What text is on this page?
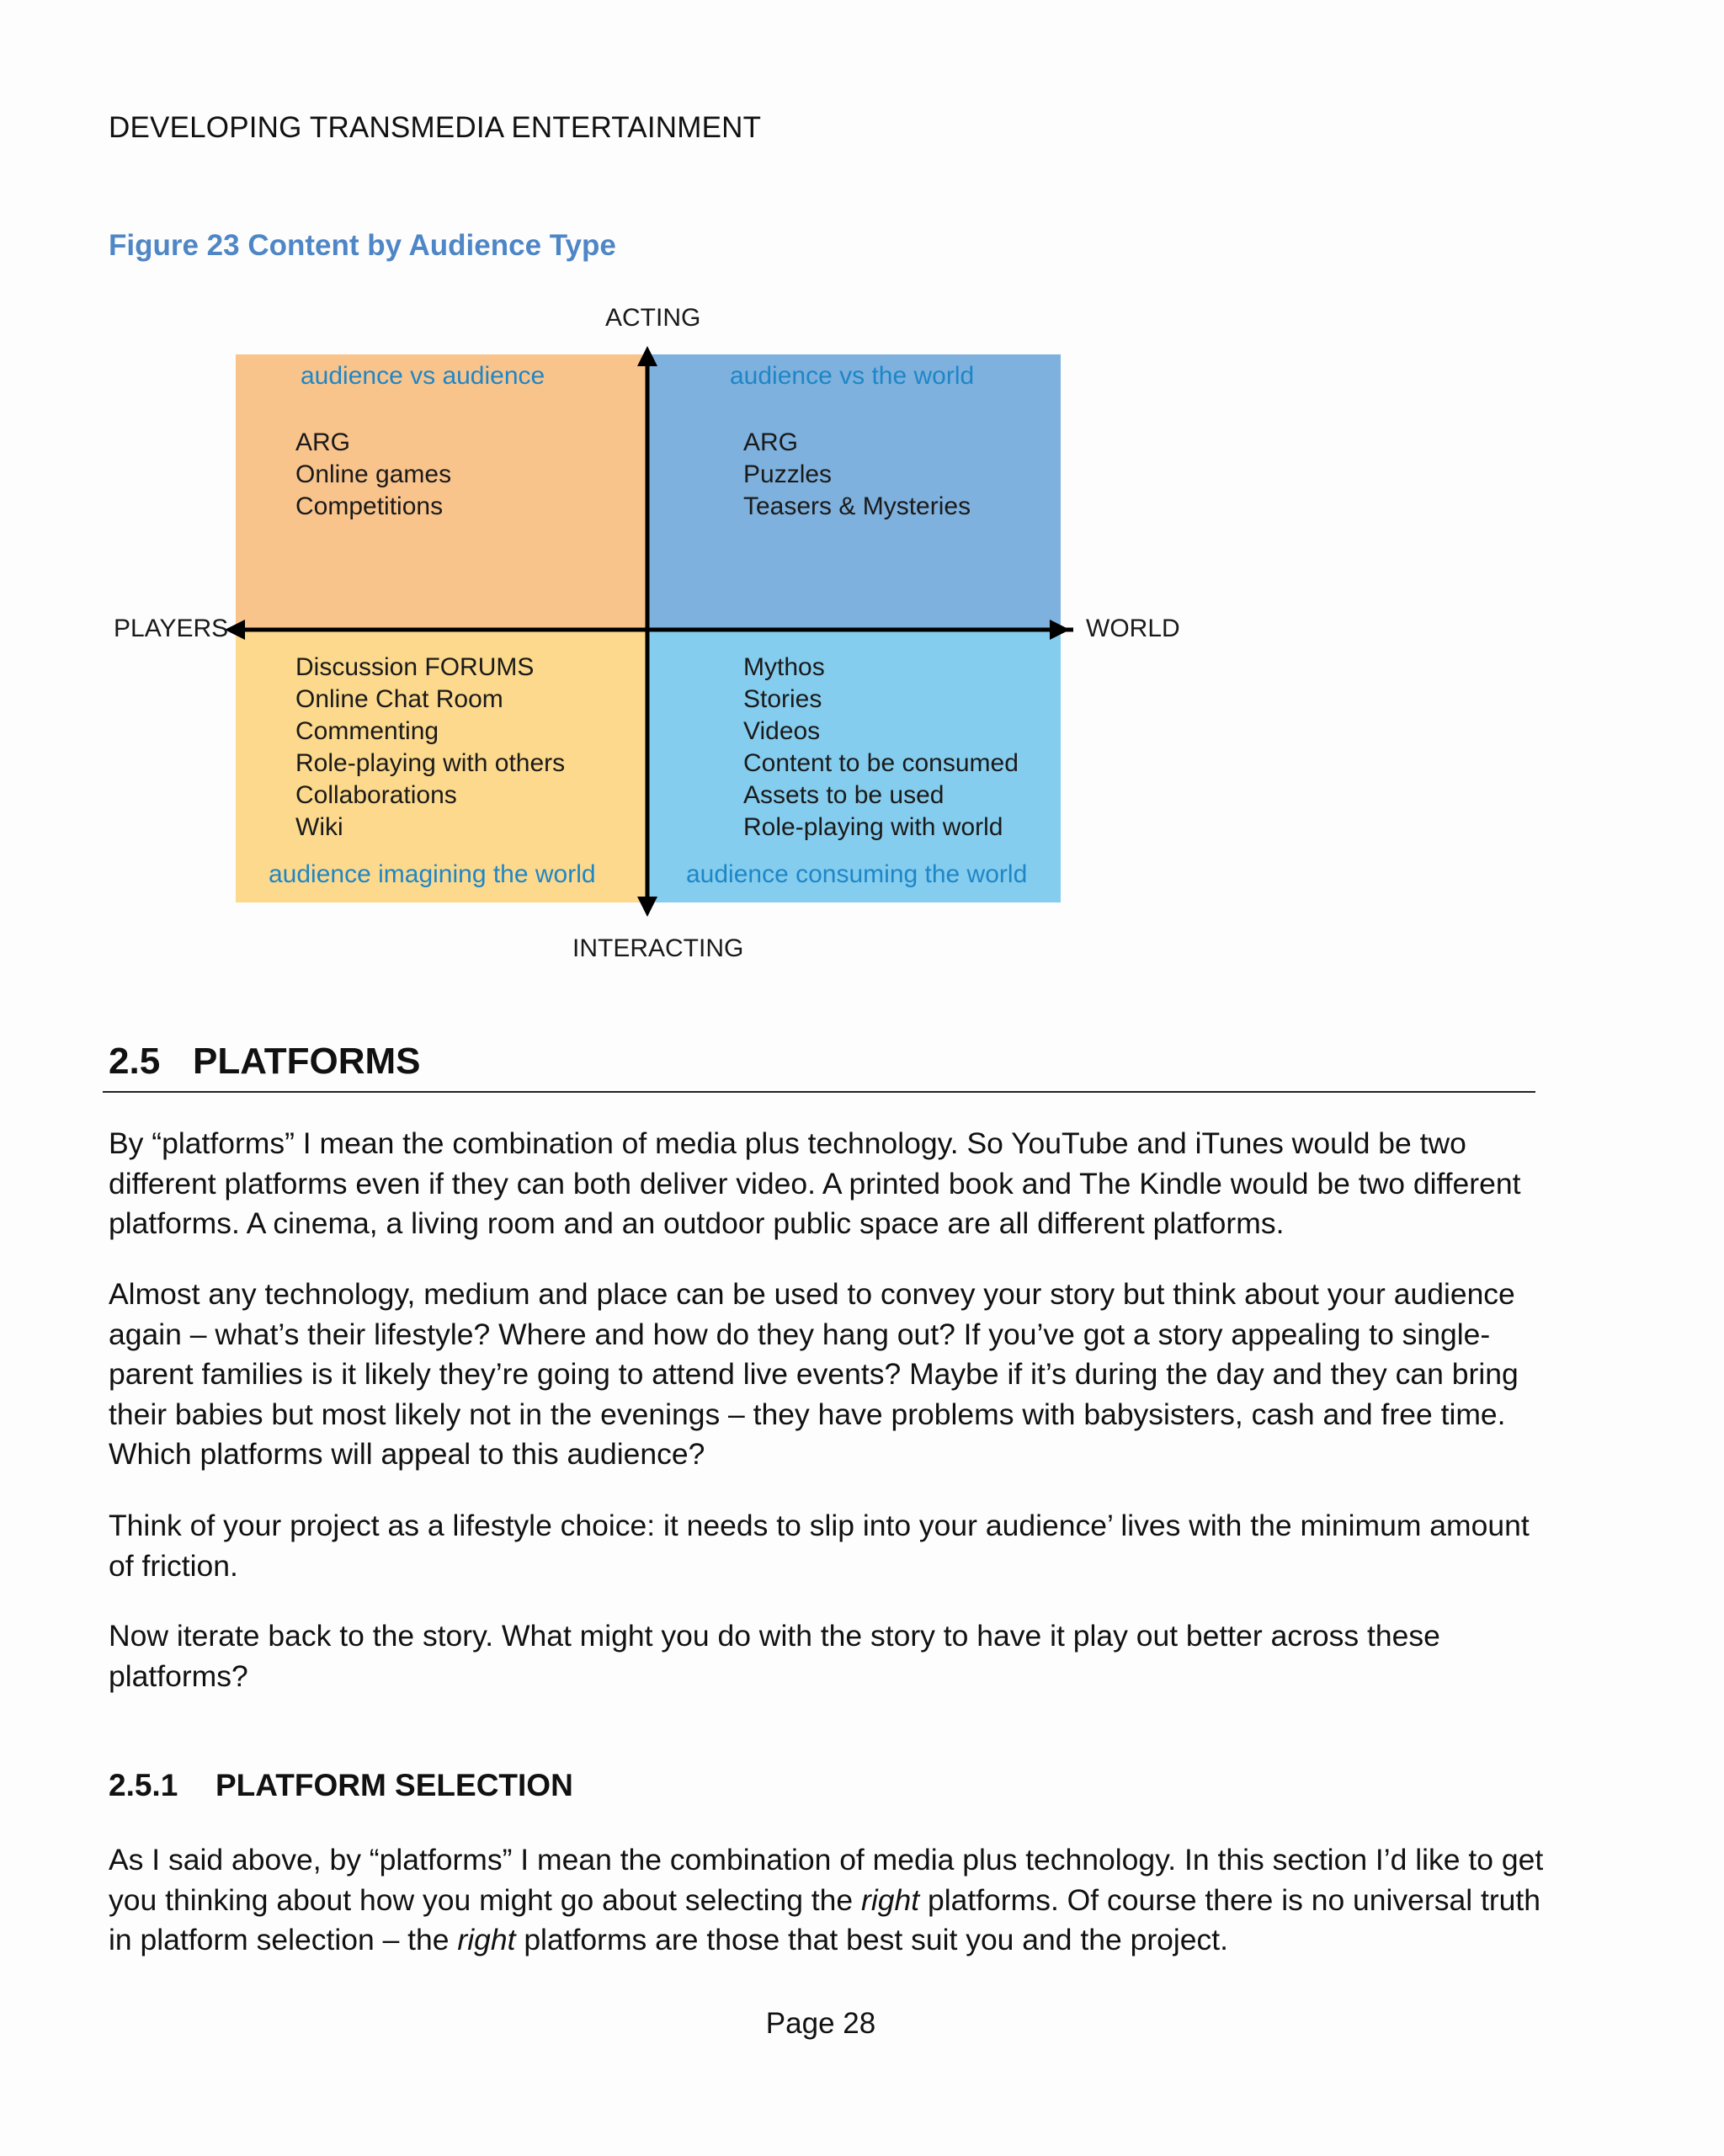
DEVELOPING TRANSMEDIA ENTERTAINMENT
Figure 23 Content by Audience Type
ACTING
INTERACTING
PLAYERS	WORLD
audience vs audience	audience vs the world
audience imagining the world	audience consuming the world
ARG
Online games
Competitions
ARG
Puzzles
Teasers & Mysteries
Discussion FORUMS
Online Chat Room
Commenting
Role-playing with others
Collaborations
Wiki
Mythos
Stories
Videos
Content to be consumed
Assets to be used
Role-playing with world
2.5 PLATFORMS

By “platforms” I mean the combination of media plus technology. So YouTube and iTunes would be two different platforms even if they can both deliver video. A printed book and The Kindle would be two different platforms. A cinema, a living room and an outdoor public space are all different platforms.

Almost any technology, medium and place can be used to convey your story but think about your audience again – what’s their lifestyle? Where and how do they hang out? If you’ve got a story appealing to single-parent families is it likely they’re going to attend live events? Maybe if it’s during the day and they can bring their babies but most likely not in the evenings – they have problems with babysisters, cash and free time. Which platforms will appeal to this audience?

Think of your project as a lifestyle choice: it needs to slip into your audience’ lives with the minimum amount of friction.

Now iterate back to the story. What might you do with the story to have it play out better across these platforms?

2.5.1 PLATFORM SELECTION

As I said above, by “platforms” I mean the combination of media plus technology. In this section I’d like to get you thinking about how you might go about selecting the right platforms. Of course there is no universal truth in platform selection – the right platforms are those that best suit you and the project.

Page 28
